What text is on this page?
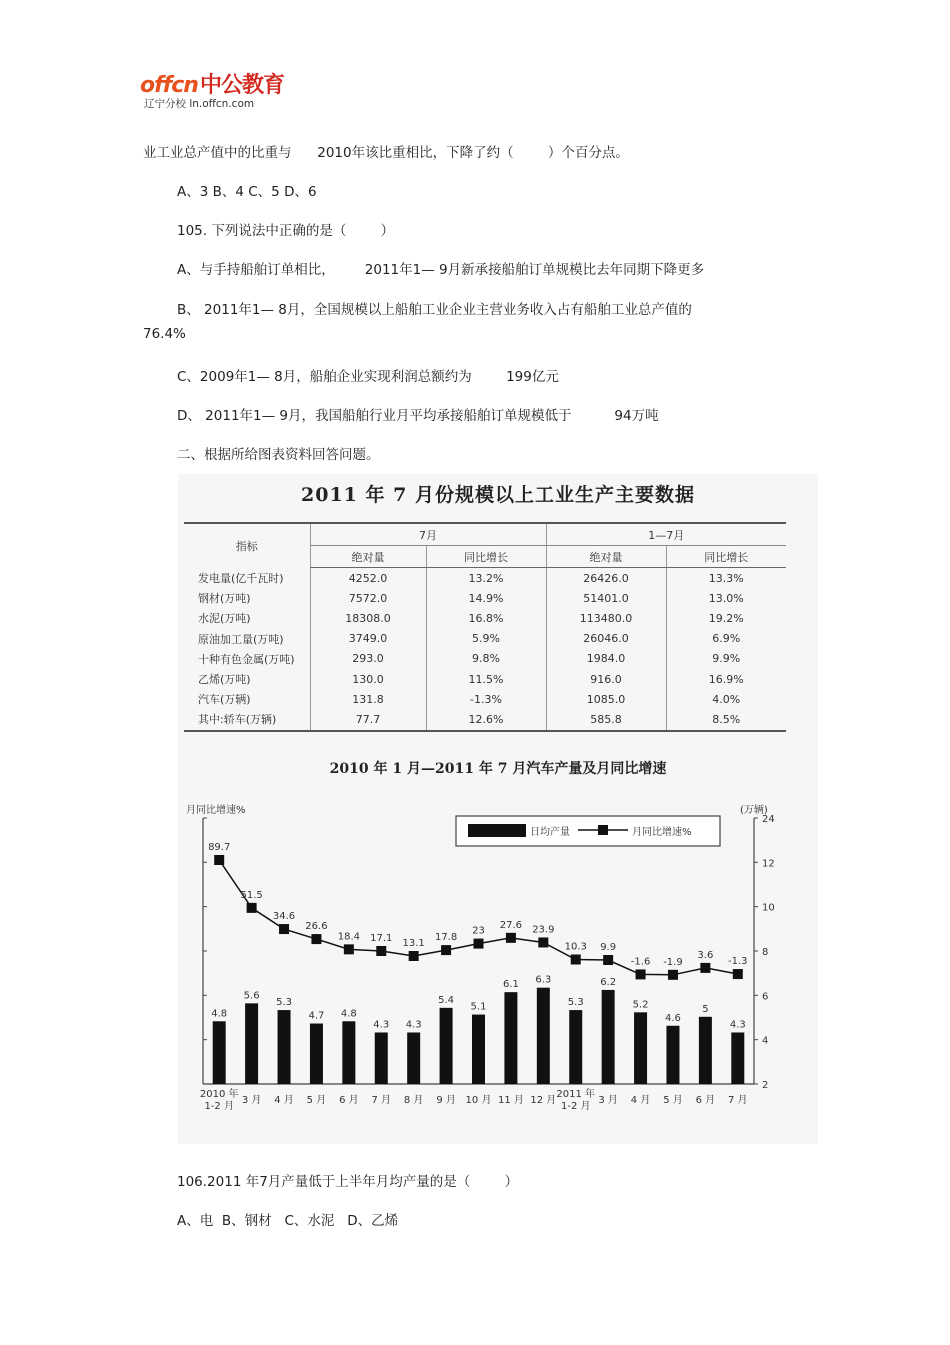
offcn中公教育
辽宁分校 ln.offcn.com
业工业总产值中的比重与      2010年该比重相比，下降了约（        ）个百分点。
A、3 B、4 C、5 D、6
105. 下列说法中正确的是（        ）
A、与手持船舶订单相比，       2011年1— 9月新承接船舶订单规模比去年同期下降更多
B、 2011年1— 8月，全国规模以上船舶工业企业主营业务收入占有船舶工业总产值的
76.4%
C、2009年1— 8月，船舶企业实现利润总额约为        199亿元
D、 2011年1— 9月，我国船舶行业月平均承接船舶订单规模低于          94万吨
二、根据所给图表资料回答问题。
2011 年 7 月份规模以上工业生产主要数据
指标	7月		1—7月	
	绝对量	同比增长	绝对量	同比增长
发电量(亿千瓦时)	4252.0	13.2%	26426.0	13.3%
钢材(万吨)	7572.0	14.9%	51401.0	13.0%
水泥(万吨)	18308.0	16.8%	113480.0	19.2%
原油加工量(万吨)	3749.0	5.9%	26046.0	6.9%
十种有色金属(万吨)	293.0	9.8%	1984.0	9.9%
乙烯(万吨)	130.0	11.5%	916.0	16.9%
汽车(万辆)	131.8	-1.3%	1085.0	4.0%
其中:轿车(万辆)	77.7	12.6%	585.8	8.5%
2010 年 1 月—2011 年 7 月汽车产量及月同比增速
2
4
6
8
10
12
24
月同比增速%	(万辆)
4.8
5.6
5.3
4.7 4.8
4.3 4.3
5.4
5.1
6.1 6.3
5.3
6.2
5.2
4.6
5
4.3
89.7
51.5
34.6
26.6
18.4 17.1 13.1
17.8
23
27.6 23.9
10.3 9.9
-1.6 -1.9
3.6
-1.3
2010 年
1-2 月
3 月 4 月 5 月 6 月 7 月 8 月 9 月 10 月 11 月 12 月
2011 年
1-2 月
3 月 4 月 5 月 6 月 7 月
日均产量	月同比增速%
106.2011 年7月产量低于上半年月均产量的是（        ）
A、电  B、钢材   C、水泥   D、乙烯
